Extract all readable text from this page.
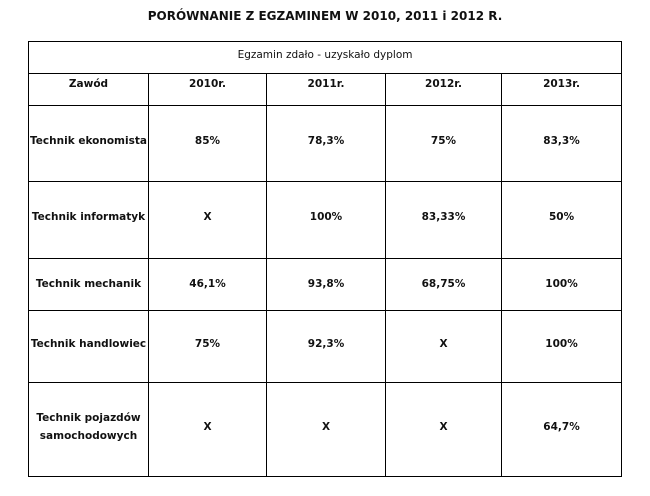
PORÓWNANIE Z EGZAMINEM W 2010, 2011 i 2012 R.
Egzamin zdało - uzyskało dyplom				

Zawód	2010r.	2011r.	2012r.	2013r.

Technik ekonomista	85%	78,3%	75%	83,3%

Technik informatyk	X	100%	83,33%	50%

Technik mechanik	46,1%	93,8%	68,75%	100%

Technik handlowiec	75%	92,3%	X	100%

Technik pojazdów
samochodowych	X	X	X	64,7%
